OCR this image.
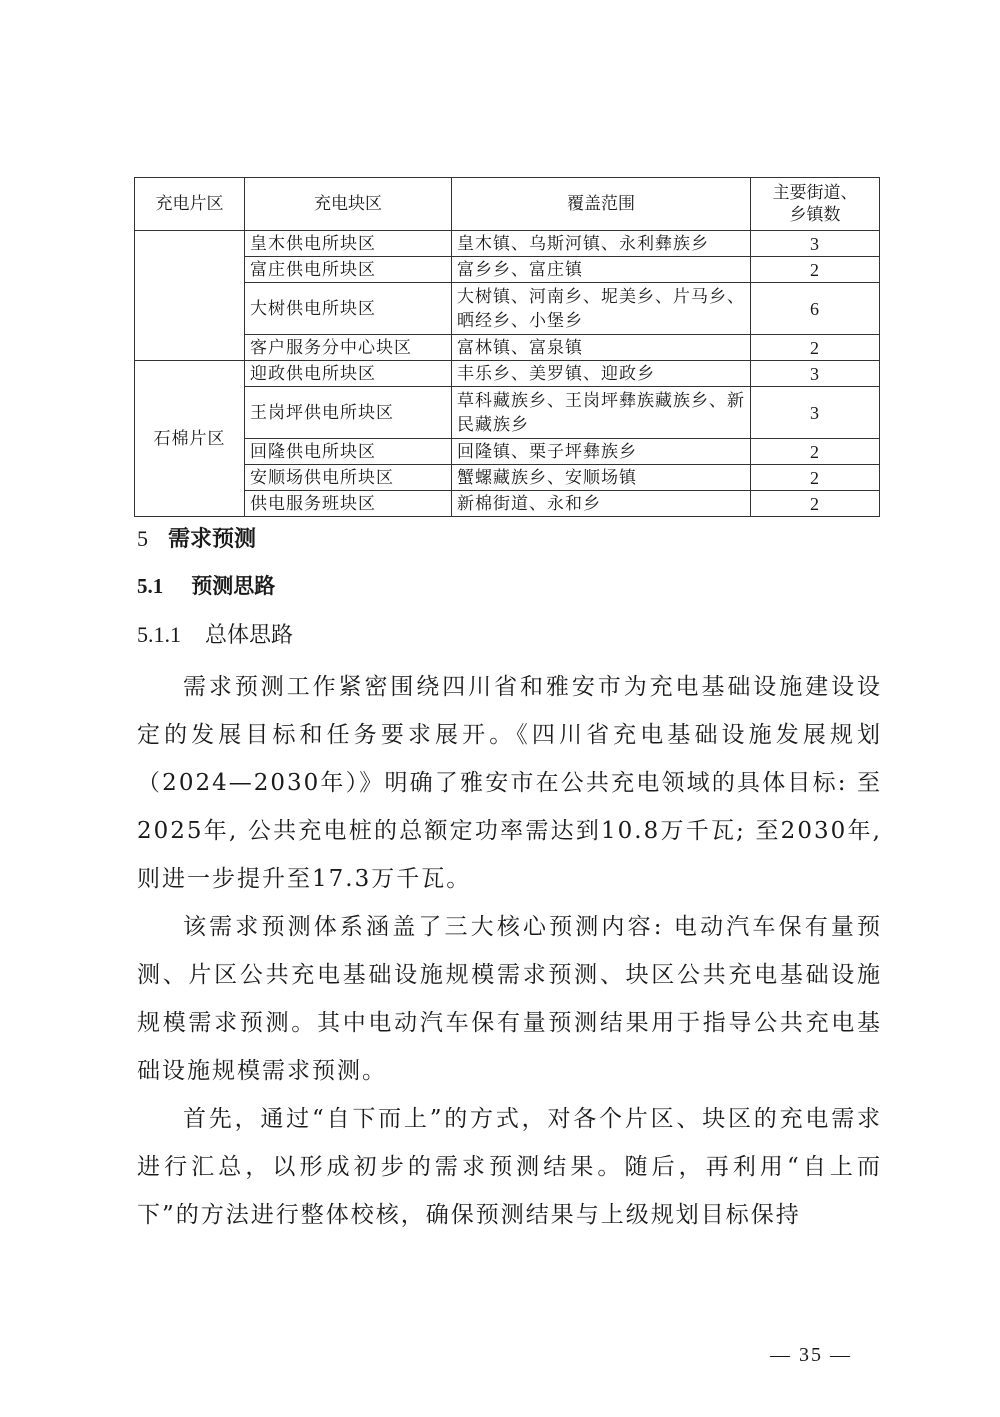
充电片区	充电块区	覆盖范围	主要街道、
乡镇数
	皇木供电所块区	皇木镇、乌斯河镇、永利彝族乡	3
	富庄供电所块区	富乡乡、富庄镇	2
	大树供电所块区	大树镇、河南乡、坭美乡、片马乡、晒经乡、小堡乡	6
	客户服务分中心块区	富林镇、富泉镇	2
石棉片区	迎政供电所块区	丰乐乡、美罗镇、迎政乡	3
	王岗坪供电所块区	草科藏族乡、王岗坪彝族藏族乡、新民藏族乡	3
	回隆供电所块区	回隆镇、栗子坪彝族乡	2
	安顺场供电所块区	蟹螺藏族乡、安顺场镇	2
	供电服务班块区	新棉街道、永和乡	2
5 需求预测
5.1 预测思路
5.1.1 总体思路

需求预测工作紧密围绕四川省和雅安市为充电基础设施建设设定的发展目标和任务要求展开。《四川省充电基础设施发展规划（2024—2030年）》明确了雅安市在公共充电领域的具体目标: 至2025年, 公共充电桩的总额定功率需达到10.8万千瓦; 至2030年, 则进一步提升至17.3万千瓦。

该需求预测体系涵盖了三大核心预测内容: 电动汽车保有量预测、片区公共充电基础设施规模需求预测、块区公共充电基础设施规模需求预测。其中电动汽车保有量预测结果用于指导公共充电基础设施规模需求预测。

首先，通过“自下而上”的方式，对各个片区、块区的充电需求进行汇总，以形成初步的需求预测结果。随后，再利用“自上而下”的方法进行整体校核，确保预测结果与上级规划目标保持

— 35 —
